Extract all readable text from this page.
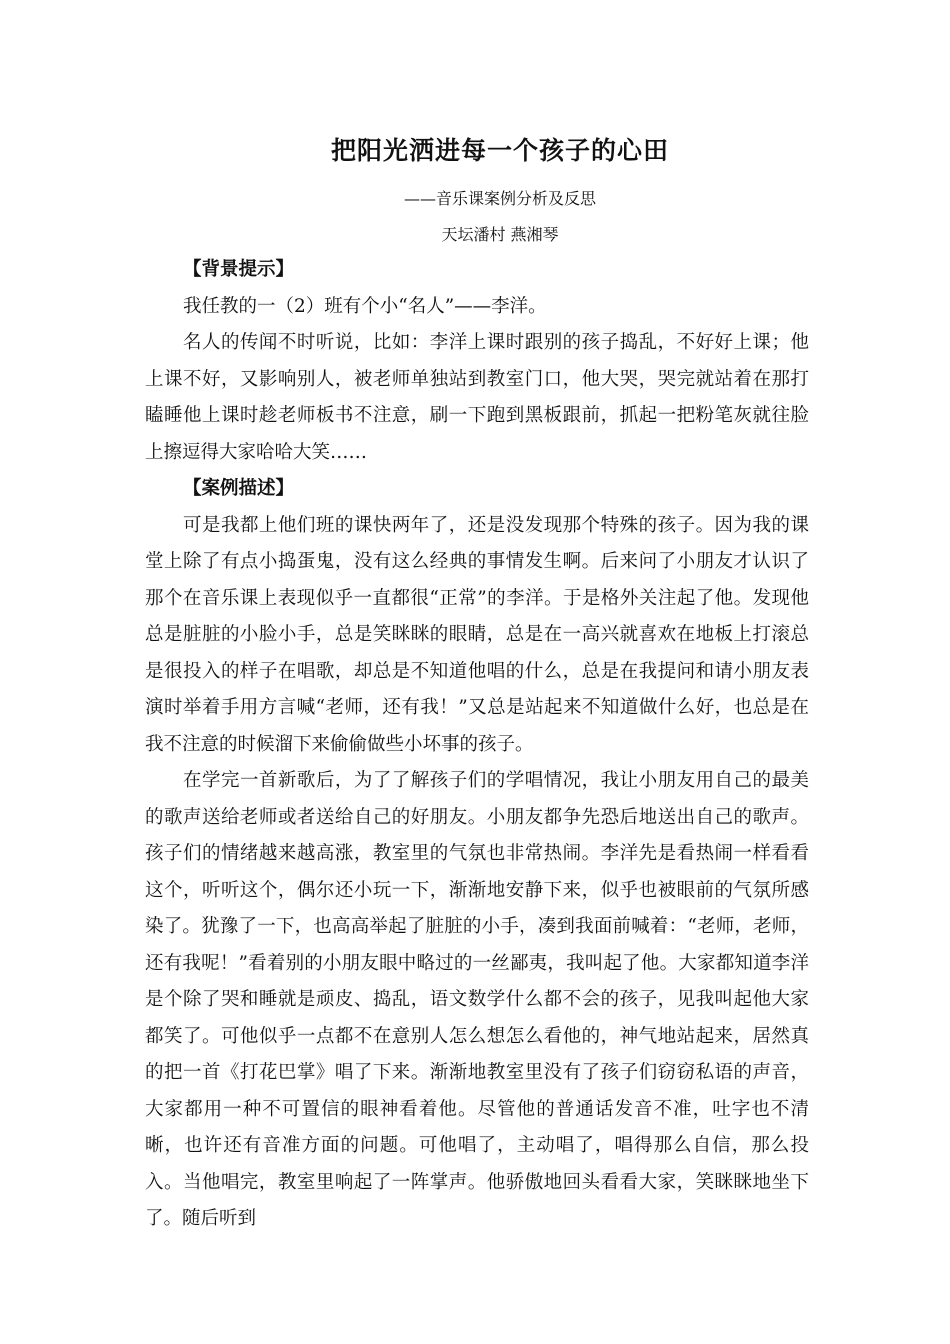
把阳光洒进每一个孩子的心田
——音乐课案例分析及反思
天坛潘村 燕湘琴

【背景提示】

我任教的一（2）班有个小“名人”——李洋。

名人的传闻不时听说，比如：李洋上课时跟别的孩子捣乱，不好好上课；他上课不好，又影响别人，被老师单独站到教室门口，他大哭，哭完就站着在那打瞌睡他上课时趁老师板书不注意，刷一下跑到黑板跟前，抓起一把粉笔灰就往脸上擦逗得大家哈哈大笑……

【案例描述】

可是我都上他们班的课快两年了，还是没发现那个特殊的孩子。因为我的课堂上除了有点小捣蛋鬼，没有这么经典的事情发生啊。后来问了小朋友才认识了那个在音乐课上表现似乎一直都很“正常”的李洋。于是格外关注起了他。发现他总是脏脏的小脸小手，总是笑眯眯的眼睛，总是在一高兴就喜欢在地板上打滚总是很投入的样子在唱歌，却总是不知道他唱的什么，总是在我提问和请小朋友表演时举着手用方言喊“老师，还有我！”又总是站起来不知道做什么好，也总是在我不注意的时候溜下来偷偷做些小坏事的孩子。

在学完一首新歌后，为了了解孩子们的学唱情况，我让小朋友用自己的最美的歌声送给老师或者送给自己的好朋友。小朋友都争先恐后地送出自己的歌声。孩子们的情绪越来越高涨，教室里的气氛也非常热闹。李洋先是看热闹一样看看这个，听听这个，偶尔还小玩一下，渐渐地安静下来，似乎也被眼前的气氛所感染了。犹豫了一下，也高高举起了脏脏的小手，凑到我面前喊着：“老师，老师，还有我呢！”看着别的小朋友眼中略过的一丝鄙夷，我叫起了他。大家都知道李洋是个除了哭和睡就是顽皮、捣乱，语文数学什么都不会的孩子，见我叫起他大家都笑了。可他似乎一点都不在意别人怎么想怎么看他的，神气地站起来，居然真的把一首《打花巴掌》唱了下来。渐渐地教室里没有了孩子们窃窃私语的声音，大家都用一种不可置信的眼神看着他。尽管他的普通话发音不准，吐字也不清晰，也许还有音准方面的问题。可他唱了，主动唱了，唱得那么自信，那么投入。当他唱完，教室里响起了一阵掌声。他骄傲地回头看看大家，笑眯眯地坐下了。随后听到
